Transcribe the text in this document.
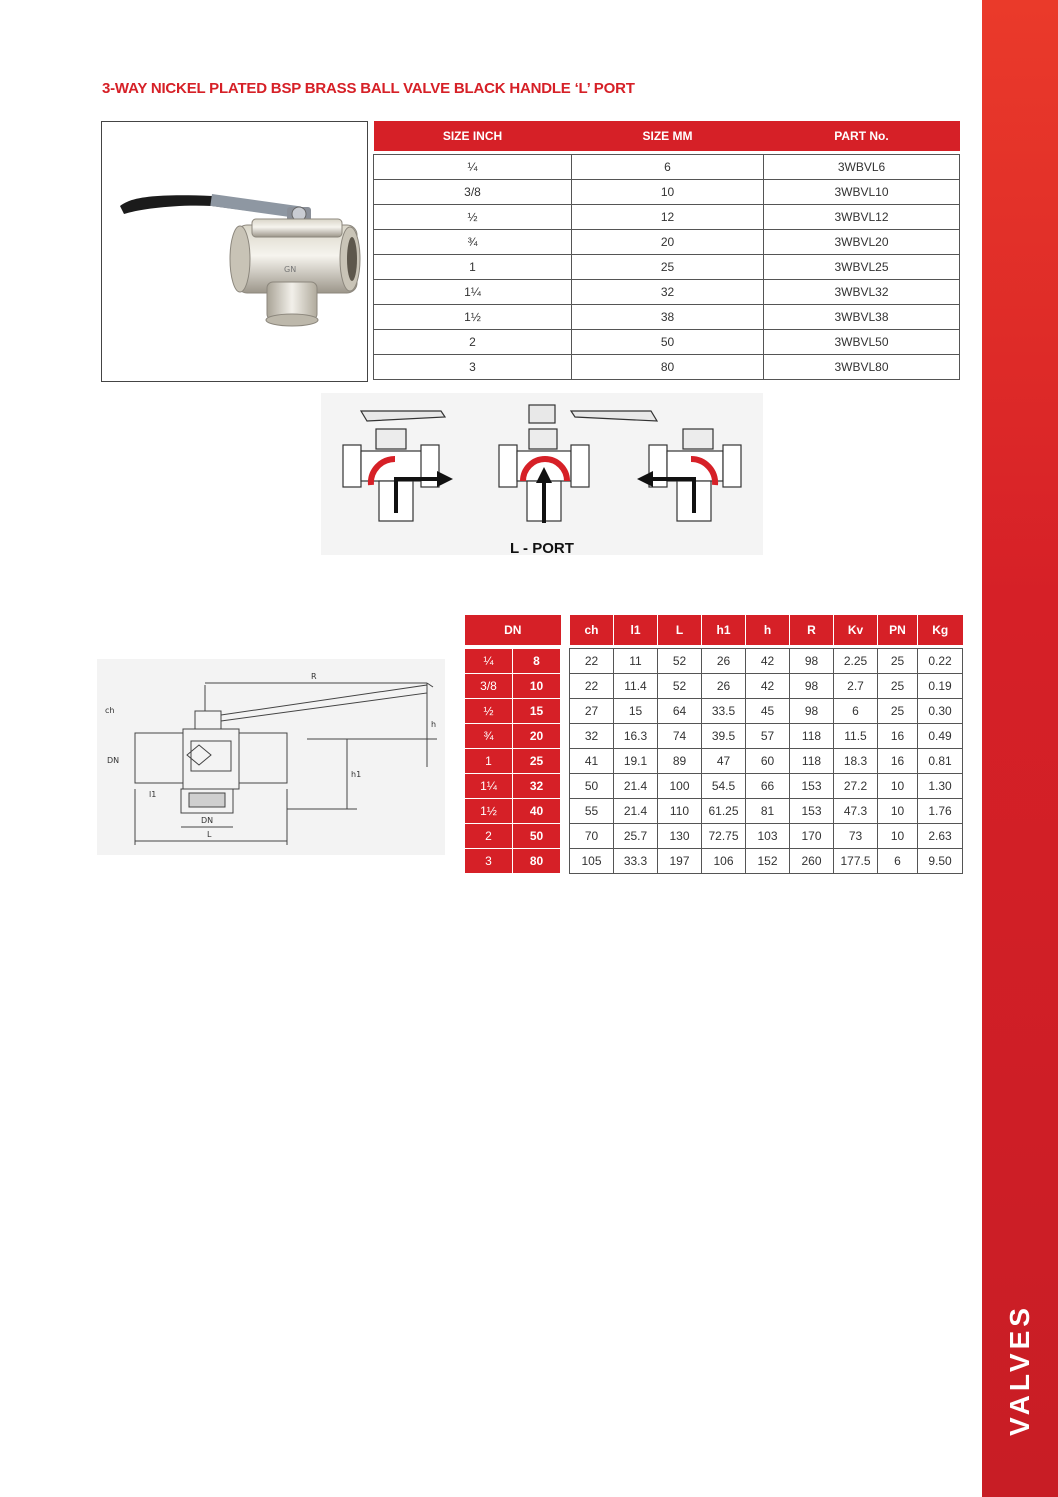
VALVES
3-WAY NICKEL PLATED BSP BRASS BALL VALVE BLACK HANDLE ‘L’ PORT
GN
SIZE INCH	SIZE MM	PART No.

¼	6	3WBVL6
3/8	10	3WBVL10
½	12	3WBVL12
¾	20	3WBVL20
1	25	3WBVL25
1¼	32	3WBVL32
1½	38	3WBVL38
2	50	3WBVL50
3	80	3WBVL80
L - PORT
ch
DN
l1
DN
L
R
h
h1
DN			ch	l1	L	h1	h	R	Kv	PN	Kg

¼	8		22	11	52	26	42	98	2.25	25	0.22
3/8	10		22	11.4	52	26	42	98	2.7	25	0.19
½	15		27	15	64	33.5	45	98	6	25	0.30
¾	20		32	16.3	74	39.5	57	118	11.5	16	0.49
1	25		41	19.1	89	47	60	118	18.3	16	0.81
1¼	32		50	21.4	100	54.5	66	153	27.2	10	1.30
1½	40		55	21.4	110	61.25	81	153	47.3	10	1.76
2	50		70	25.7	130	72.75	103	170	73	10	2.63
3	80		105	33.3	197	106	152	260	177.5	6	9.50
